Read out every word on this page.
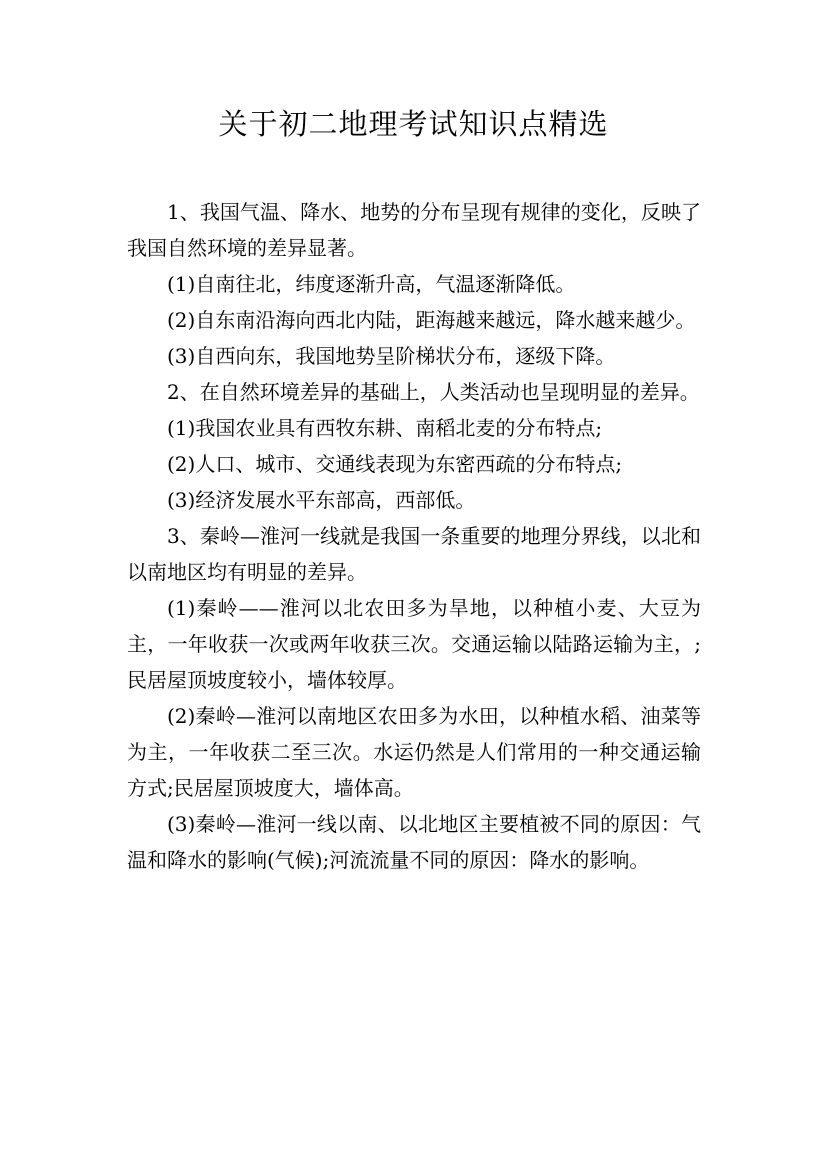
关于初二地理考试知识点精选

1、我国气温、降水、地势的分布呈现有规律的变化，反映了我国自然环境的差异显著。

(1)自南往北，纬度逐渐升高，气温逐渐降低。

(2)自东南沿海向西北内陆，距海越来越远，降水越来越少。

(3)自西向东，我国地势呈阶梯状分布，逐级下降。

2、在自然环境差异的基础上，人类活动也呈现明显的差异。

(1)我国农业具有西牧东耕、南稻北麦的分布特点;

(2)人口、城市、交通线表现为东密西疏的分布特点;

(3)经济发展水平东部高，西部低。

3、秦岭—淮河一线就是我国一条重要的地理分界线，以北和以南地区均有明显的差异。

(1)秦岭——淮河以北农田多为旱地，以种植小麦、大豆为主，一年收获一次或两年收获三次。交通运输以陆路运输为主，;民居屋顶坡度较小，墙体较厚。

(2)秦岭—淮河以南地区农田多为水田，以种植水稻、油菜等为主，一年收获二至三次。水运仍然是人们常用的一种交通运输方式;民居屋顶坡度大，墙体高。

(3)秦岭—淮河一线以南、以北地区主要植被不同的原因：气温和降水的影响(气候);河流流量不同的原因：降水的影响。
